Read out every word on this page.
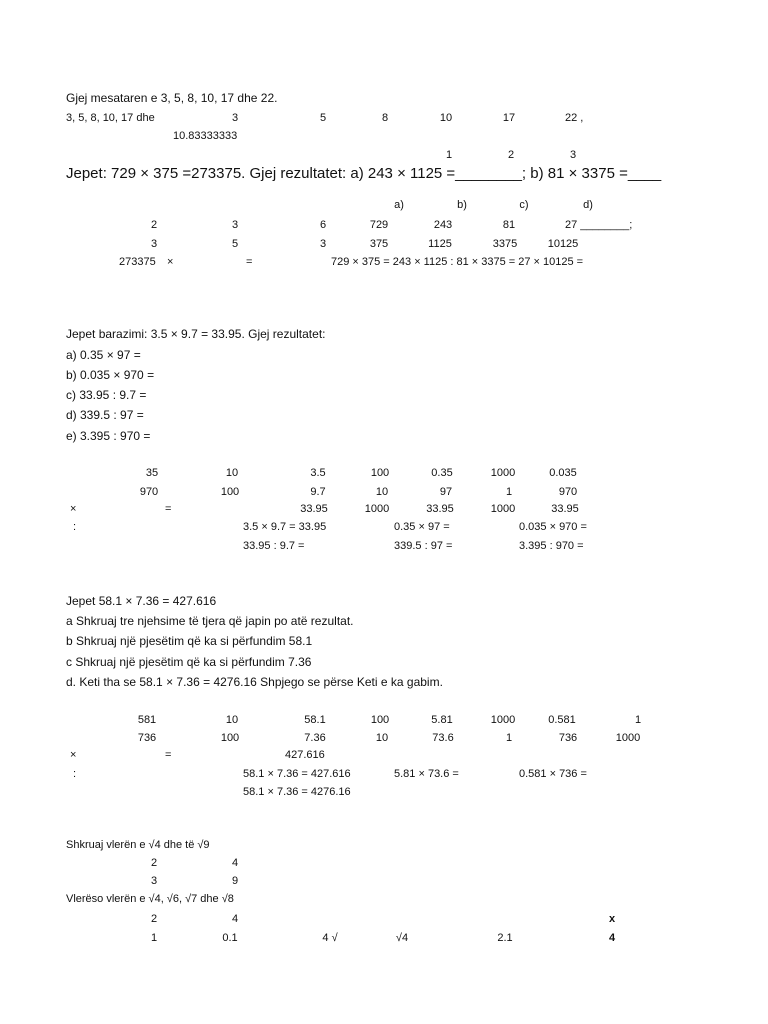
Gjej mesataren e 3, 5, 8, 10, 17 dhe 22.
3, 5, 8, 10, 17 dhe	3	5	8	10	17	22 ,
10.83333333
1	2	3
Jepet: 729 × 375 =273375. Gjej rezultatet: a) 243 × 1125 =________; b) 81 × 3375 =____
a)	b)	c)	d)
2	3	6	729	243	81	27 ________;
3	5	3	375	1125	3375	10125
273375 ×	=	729 × 375 = 243 × 1125 : 81 × 3375 = 27 × 10125 =
Jepet barazimi: 3.5 × 9.7 = 33.95. Gjej rezultatet:
a) 0.35 × 97 =
b) 0.035 × 970 =
c) 33.95 : 9.7 =
d) 339.5 : 97 =
e) 3.395 : 970 =
35	10	3.5	100	0.35	1000	0.035
970	100	9.7	10	97	1	970
×	=	33.95	1000	33.95	1000	33.95
:	3.5 × 9.7 = 33.95	0.35 × 97 =	0.035 × 970 =
33.95 : 9.7 =	339.5 : 97 =	3.395 : 970 =
Jepet 58.1 × 7.36 = 427.616
a Shkruaj tre njehsime të tjera që japin po atë rezultat.
b Shkruaj një pjesëtim që ka si përfundim 58.1
c Shkruaj një pjesëtim që ka si përfundim 7.36
d. Keti tha se 58.1 × 7.36 = 4276.16 Shpjego se përse Keti e ka gabim.
581	10	58.1	100	5.81	1000	0.581	1
736	100	7.36	10	73.6	1	736	1000
×	=	427.616
:	58.1 × 7.36 = 427.616	5.81 × 73.6 =	0.581 × 736 =
58.1 × 7.36 = 4276.16
Shkruaj vlerën e √4 dhe të √9
2	4
3	9
Vlerëso vlerën e √4, √6, √7 dhe √8
2	4	x
1	0.1	4 √	√4	2.1	4
